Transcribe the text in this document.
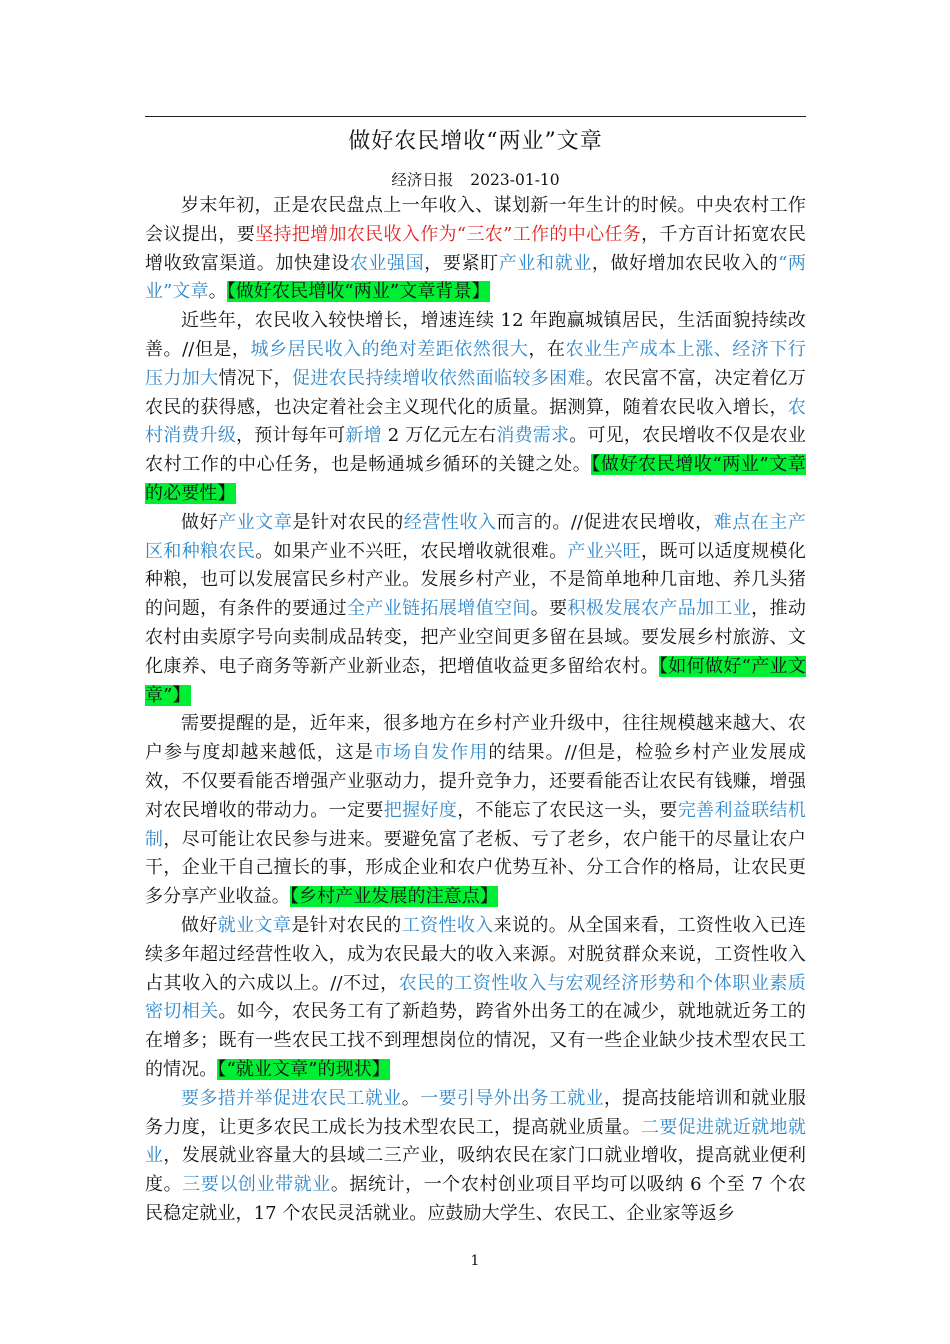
做好农民增收“两业”文章
经济日报 2023-01-10

岁末年初，正是农民盘点上一年收入、谋划新一年生计的时候。中央农村工作会议提出，要坚持把增加农民收入作为“三农”工作的中心任务，千方百计拓宽农民增收致富渠道。加快建设农业强国，要紧盯产业和就业，做好增加农民收入的“两业”文章。【做好农民增收“两业”文章背景】

近些年，农民收入较快增长，增速连续 12 年跑赢城镇居民，生活面貌持续改善。//但是，城乡居民收入的绝对差距依然很大，在农业生产成本上涨、经济下行压力加大情况下，促进农民持续增收依然面临较多困难。农民富不富，决定着亿万农民的获得感，也决定着社会主义现代化的质量。据测算，随着农民收入增长，农村消费升级，预计每年可新增 2 万亿元左右消费需求。可见，农民增收不仅是农业农村工作的中心任务，也是畅通城乡循环的关键之处。【做好农民增收“两业”文章的必要性】

做好产业文章是针对农民的经营性收入而言的。//促进农民增收，难点在主产区和种粮农民。如果产业不兴旺，农民增收就很难。产业兴旺，既可以适度规模化种粮，也可以发展富民乡村产业。发展乡村产业，不是简单地种几亩地、养几头猪的问题，有条件的要通过全产业链拓展增值空间。要积极发展农产品加工业，推动农村由卖原字号向卖制成品转变，把产业空间更多留在县域。要发展乡村旅游、文化康养、电子商务等新产业新业态，把增值收益更多留给农村。【如何做好“产业文章”】

需要提醒的是，近年来，很多地方在乡村产业升级中，往往规模越来越大、农户参与度却越来越低，这是市场自发作用的结果。//但是，检验乡村产业发展成效，不仅要看能否增强产业驱动力，提升竞争力，还要看能否让农民有钱赚，增强对农民增收的带动力。一定要把握好度，不能忘了农民这一头，要完善利益联结机制，尽可能让农民参与进来。要避免富了老板、亏了老乡，农户能干的尽量让农户干，企业干自己擅长的事，形成企业和农户优势互补、分工合作的格局，让农民更多分享产业收益。【乡村产业发展的注意点】

做好就业文章是针对农民的工资性收入来说的。从全国来看，工资性收入已连续多年超过经营性收入，成为农民最大的收入来源。对脱贫群众来说，工资性收入占其收入的六成以上。//不过，农民的工资性收入与宏观经济形势和个体职业素质密切相关。如今，农民务工有了新趋势，跨省外出务工的在减少，就地就近务工的在增多；既有一些农民工找不到理想岗位的情况，又有一些企业缺少技术型农民工的情况。【“就业文章”的现状】

要多措并举促进农民工就业。一要引导外出务工就业，提高技能培训和就业服务力度，让更多农民工成长为技术型农民工，提高就业质量。二要促进就近就地就业，发展就业容量大的县域二三产业，吸纳农民在家门口就业增收，提高就业便利度。三要以创业带就业。据统计，一个农村创业项目平均可以吸纳 6 个至 7 个农民稳定就业，17 个农民灵活就业。应鼓励大学生、农民工、企业家等返乡

1
